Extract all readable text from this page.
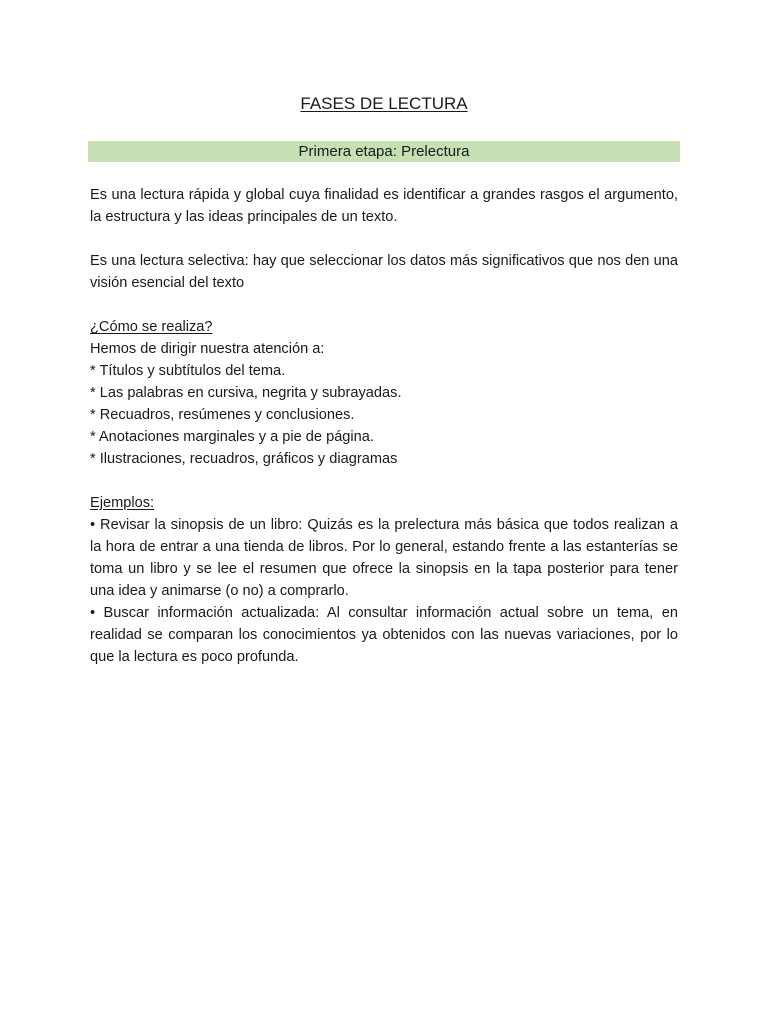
FASES DE LECTURA
Primera etapa: Prelectura

Es una lectura rápida y global cuya finalidad es identificar a grandes rasgos el argumento, la estructura y las ideas principales de un texto.

Es una lectura selectiva: hay que seleccionar los datos más significativos que nos den una visión esencial del texto

¿Cómo se realiza?

Hemos de dirigir nuestra atención a:

* Títulos y subtítulos del tema.

* Las palabras en cursiva, negrita y subrayadas.

* Recuadros, resúmenes y conclusiones.

* Anotaciones marginales y a pie de página.

* Ilustraciones, recuadros, gráficos y diagramas

Ejemplos:

• Revisar la sinopsis de un libro: Quizás es la prelectura más básica que todos realizan a la hora de entrar a una tienda de libros. Por lo general, estando frente a las estanterías se toma un libro y se lee el resumen que ofrece la sinopsis en la tapa posterior para tener una idea y animarse (o no) a comprarlo.

• Buscar información actualizada: Al consultar información actual sobre un tema, en realidad se comparan los conocimientos ya obtenidos con las nuevas variaciones, por lo que la lectura es poco profunda.
